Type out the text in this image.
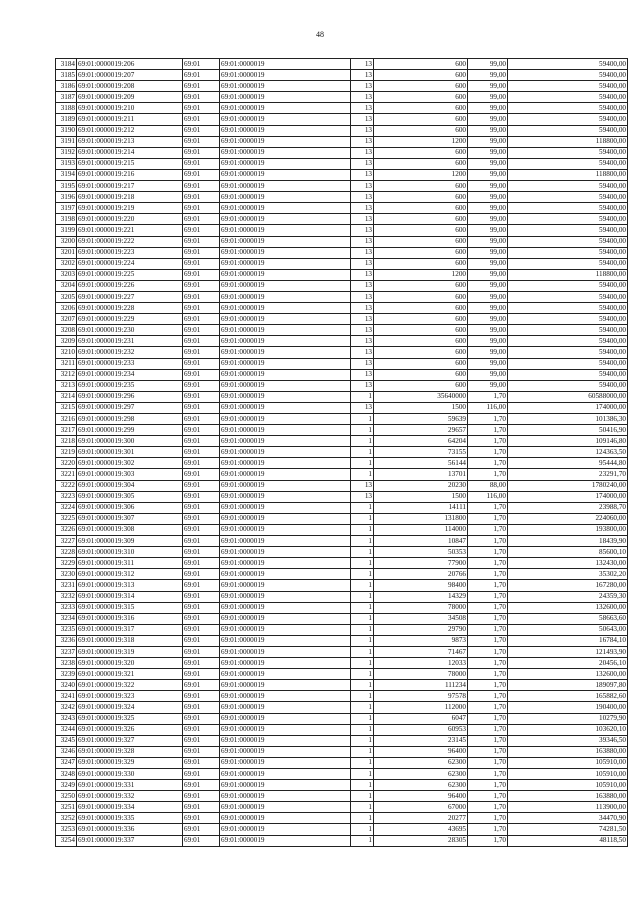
48
3184	69:01:0000019:206	69:01	69:01:0000019	13	600	99,00	59400,00
3185	69:01:0000019:207	69:01	69:01:0000019	13	600	99,00	59400,00
3186	69:01:0000019:208	69:01	69:01:0000019	13	600	99,00	59400,00
3187	69:01:0000019:209	69:01	69:01:0000019	13	600	99,00	59400,00
3188	69:01:0000019:210	69:01	69:01:0000019	13	600	99,00	59400,00
3189	69:01:0000019:211	69:01	69:01:0000019	13	600	99,00	59400,00
3190	69:01:0000019:212	69:01	69:01:0000019	13	600	99,00	59400,00
3191	69:01:0000019:213	69:01	69:01:0000019	13	1200	99,00	118800,00
3192	69:01:0000019:214	69:01	69:01:0000019	13	600	99,00	59400,00
3193	69:01:0000019:215	69:01	69:01:0000019	13	600	99,00	59400,00
3194	69:01:0000019:216	69:01	69:01:0000019	13	1200	99,00	118800,00
3195	69:01:0000019:217	69:01	69:01:0000019	13	600	99,00	59400,00
3196	69:01:0000019:218	69:01	69:01:0000019	13	600	99,00	59400,00
3197	69:01:0000019:219	69:01	69:01:0000019	13	600	99,00	59400,00
3198	69:01:0000019:220	69:01	69:01:0000019	13	600	99,00	59400,00
3199	69:01:0000019:221	69:01	69:01:0000019	13	600	99,00	59400,00
3200	69:01:0000019:222	69:01	69:01:0000019	13	600	99,00	59400,00
3201	69:01:0000019:223	69:01	69:01:0000019	13	600	99,00	59400,00
3202	69:01:0000019:224	69:01	69:01:0000019	13	600	99,00	59400,00
3203	69:01:0000019:225	69:01	69:01:0000019	13	1200	99,00	118800,00
3204	69:01:0000019:226	69:01	69:01:0000019	13	600	99,00	59400,00
3205	69:01:0000019:227	69:01	69:01:0000019	13	600	99,00	59400,00
3206	69:01:0000019:228	69:01	69:01:0000019	13	600	99,00	59400,00
3207	69:01:0000019:229	69:01	69:01:0000019	13	600	99,00	59400,00
3208	69:01:0000019:230	69:01	69:01:0000019	13	600	99,00	59400,00
3209	69:01:0000019:231	69:01	69:01:0000019	13	600	99,00	59400,00
3210	69:01:0000019:232	69:01	69:01:0000019	13	600	99,00	59400,00
3211	69:01:0000019:233	69:01	69:01:0000019	13	600	99,00	59400,00
3212	69:01:0000019:234	69:01	69:01:0000019	13	600	99,00	59400,00
3213	69:01:0000019:235	69:01	69:01:0000019	13	600	99,00	59400,00
3214	69:01:0000019:296	69:01	69:01:0000019	1	35640000	1,70	60588000,00
3215	69:01:0000019:297	69:01	69:01:0000019	13	1500	116,00	174000,00
3216	69:01:0000019:298	69:01	69:01:0000019	1	59639	1,70	101386,30
3217	69:01:0000019:299	69:01	69:01:0000019	1	29657	1,70	50416,90
3218	69:01:0000019:300	69:01	69:01:0000019	1	64204	1,70	109146,80
3219	69:01:0000019:301	69:01	69:01:0000019	1	73155	1,70	124363,50
3220	69:01:0000019:302	69:01	69:01:0000019	1	56144	1,70	95444,80
3221	69:01:0000019:303	69:01	69:01:0000019	1	13701	1,70	23291,70
3222	69:01:0000019:304	69:01	69:01:0000019	13	20230	88,00	1780240,00
3223	69:01:0000019:305	69:01	69:01:0000019	13	1500	116,00	174000,00
3224	69:01:0000019:306	69:01	69:01:0000019	1	14111	1,70	23988,70
3225	69:01:0000019:307	69:01	69:01:0000019	1	131800	1,70	224060,00
3226	69:01:0000019:308	69:01	69:01:0000019	1	114000	1,70	193800,00
3227	69:01:0000019:309	69:01	69:01:0000019	1	10847	1,70	18439,90
3228	69:01:0000019:310	69:01	69:01:0000019	1	50353	1,70	85600,10
3229	69:01:0000019:311	69:01	69:01:0000019	1	77900	1,70	132430,00
3230	69:01:0000019:312	69:01	69:01:0000019	1	20766	1,70	35302,20
3231	69:01:0000019:313	69:01	69:01:0000019	1	98400	1,70	167280,00
3232	69:01:0000019:314	69:01	69:01:0000019	1	14329	1,70	24359,30
3233	69:01:0000019:315	69:01	69:01:0000019	1	78000	1,70	132600,00
3234	69:01:0000019:316	69:01	69:01:0000019	1	34508	1,70	58663,60
3235	69:01:0000019:317	69:01	69:01:0000019	1	29790	1,70	50643,00
3236	69:01:0000019:318	69:01	69:01:0000019	1	9873	1,70	16784,10
3237	69:01:0000019:319	69:01	69:01:0000019	1	71467	1,70	121493,90
3238	69:01:0000019:320	69:01	69:01:0000019	1	12033	1,70	20456,10
3239	69:01:0000019:321	69:01	69:01:0000019	1	78000	1,70	132600,00
3240	69:01:0000019:322	69:01	69:01:0000019	1	111234	1,70	189097,80
3241	69:01:0000019:323	69:01	69:01:0000019	1	97578	1,70	165882,60
3242	69:01:0000019:324	69:01	69:01:0000019	1	112000	1,70	190400,00
3243	69:01:0000019:325	69:01	69:01:0000019	1	6047	1,70	10279,90
3244	69:01:0000019:326	69:01	69:01:0000019	1	60953	1,70	103620,10
3245	69:01:0000019:327	69:01	69:01:0000019	1	23145	1,70	39346,50
3246	69:01:0000019:328	69:01	69:01:0000019	1	96400	1,70	163880,00
3247	69:01:0000019:329	69:01	69:01:0000019	1	62300	1,70	105910,00
3248	69:01:0000019:330	69:01	69:01:0000019	1	62300	1,70	105910,00
3249	69:01:0000019:331	69:01	69:01:0000019	1	62300	1,70	105910,00
3250	69:01:0000019:332	69:01	69:01:0000019	1	96400	1,70	163880,00
3251	69:01:0000019:334	69:01	69:01:0000019	1	67000	1,70	113900,00
3252	69:01:0000019:335	69:01	69:01:0000019	1	20277	1,70	34470,90
3253	69:01:0000019:336	69:01	69:01:0000019	1	43695	1,70	74281,50
3254	69:01:0000019:337	69:01	69:01:0000019	1	28305	1,70	48118,50
